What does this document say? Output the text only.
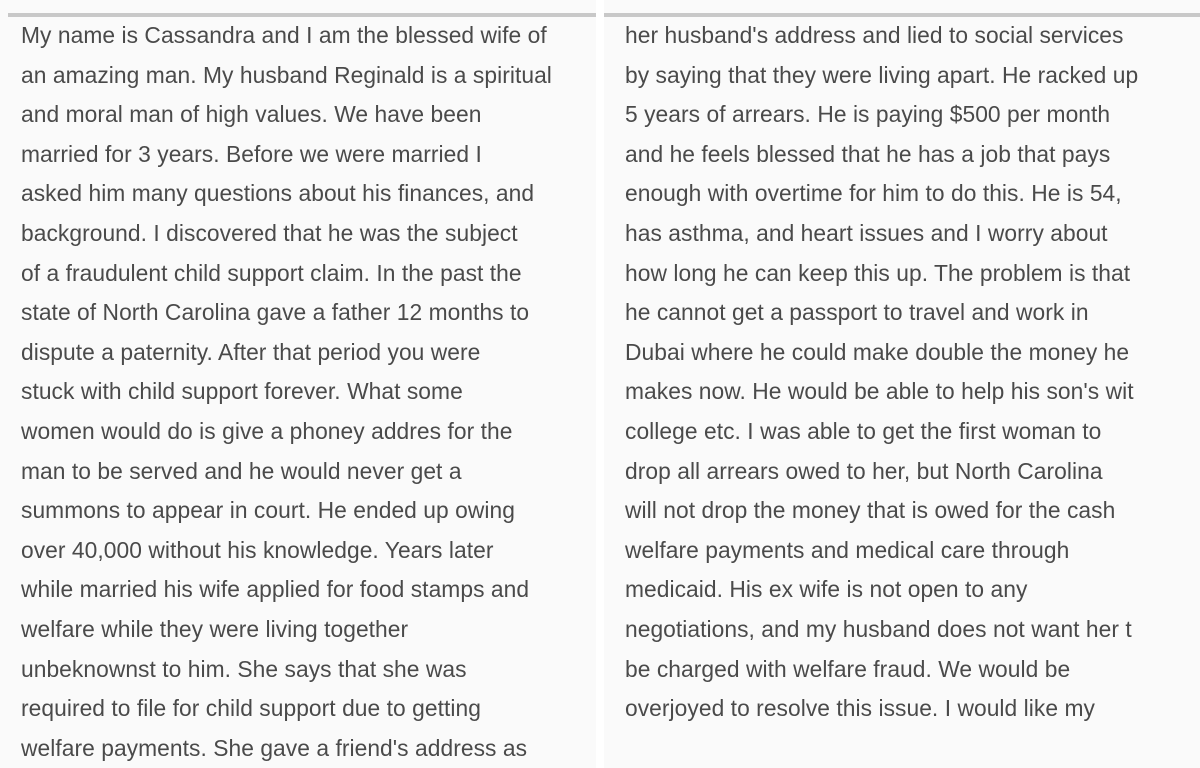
My name is Cassandra and I am the blessed wife of
an amazing man. My husband Reginald is a spiritual
and moral man of high values. We have been
married for 3 years. Before we were married I
asked him many questions about his finances, and
background. I discovered that he was the subject
of a fraudulent child support claim. In the past the
state of North Carolina gave a father 12 months to
dispute a paternity. After that period you were
stuck with child support forever. What some
women would do is give a phoney addres for the
man to be served and he would never get a
summons to appear in court. He ended up owing
over 40,000 without his knowledge. Years later
while married his wife applied for food stamps and
welfare while they were living together
unbeknownst to him. She says that she was
required to file for child support due to getting
welfare payments. She gave a friend's address as
her husband's address and lied to social services
by saying that they were living apart. He racked up
5 years of arrears. He is paying $500 per month
and he feels blessed that he has a job that pays
enough with overtime for him to do this. He is 54,
has asthma, and heart issues and I worry about
how long he can keep this up. The problem is that
he cannot get a passport to travel and work in
Dubai where he could make double the money he
makes now. He would be able to help his son's wit
college etc. I was able to get the first woman to
drop all arrears owed to her, but North Carolina
will not drop the money that is owed for the cash
welfare payments and medical care through
medicaid. His ex wife is not open to any
negotiations, and my husband does not want her t
be charged with welfare fraud. We would be
overjoyed to resolve this issue. I would like my
